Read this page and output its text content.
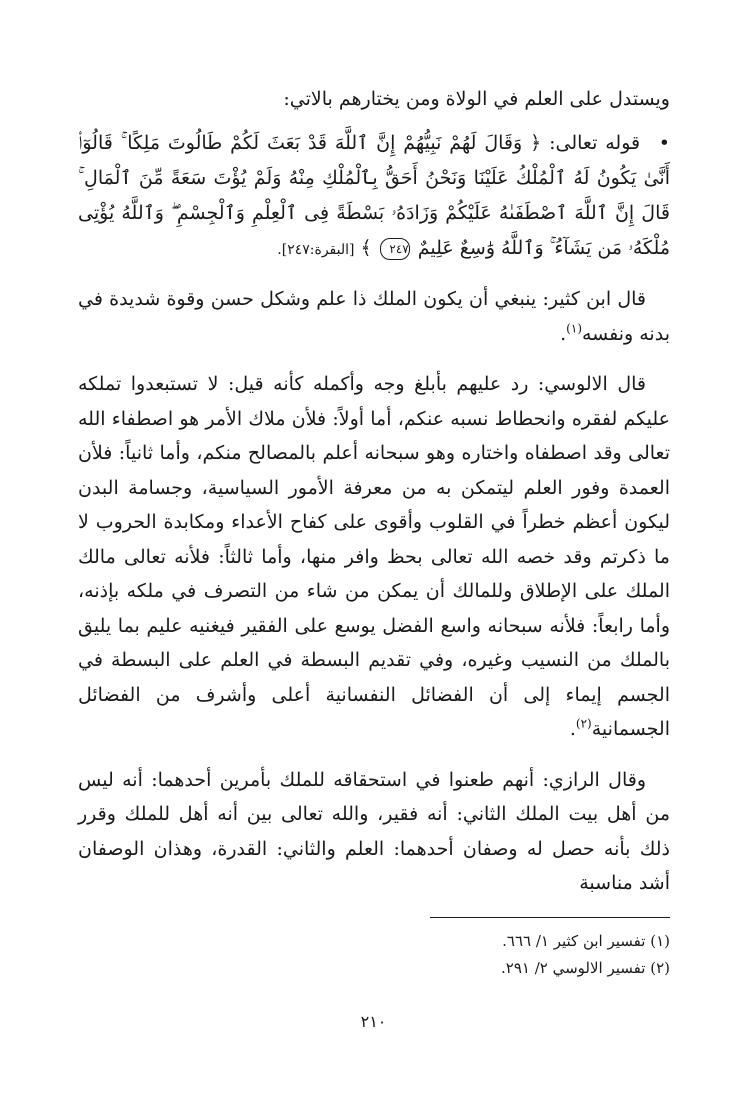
ويستدل على العلم في الولاة ومن يختارهم بالاتي:

• قوله تعالى: ﴿ وَقَالَ لَهُمْ نَبِيُّهُمْ إِنَّ ٱللَّهَ قَدْ بَعَثَ لَكُمْ طَالُوتَ مَلِكًا ۚ قَالُوٓا۟ أَنَّىٰ يَكُونُ لَهُ ٱلْمُلْكُ عَلَيْنَا وَنَحْنُ أَحَقُّ بِٱلْمُلْكِ مِنْهُ وَلَمْ يُؤْتَ سَعَةً مِّنَ ٱلْمَالِ ۚ قَالَ إِنَّ ٱللَّهَ ٱصْطَفَىٰهُ عَلَيْكُمْ وَزَادَهُۥ بَسْطَةً فِى ٱلْعِلْمِ وَٱلْجِسْمِ ۖ وَٱللَّهُ يُؤْتِى مُلْكَهُۥ مَن يَشَآءُ ۚ وَٱللَّهُ وَٰسِعٌ عَلِيمٌ ٢٤٧ ﴾ [البقرة:٢٤٧].

قال ابن كثير: ينبغي أن يكون الملك ذا علم وشكل حسن وقوة شديدة في بدنه ونفسه$^{(١)}$.

قال الالوسي: رد عليهم بأبلغ وجه وأكمله كأنه قيل: لا تستبعدوا تملكه عليكم لفقره وانحطاط نسبه عنكم، أما أولاً: فلأن ملاك الأمر هو اصطفاء الله تعالى وقد اصطفاه واختاره وهو سبحانه أعلم بالمصالح منكم، وأما ثانياً: فلأن العمدة وفور العلم ليتمكن به من معرفة الأمور السياسية، وجسامة البدن ليكون أعظم خطراً في القلوب وأقوى على كفاح الأعداء ومكابدة الحروب لا ما ذكرتم وقد خصه الله تعالى بحظ وافر منها، وأما ثالثاً: فلأنه تعالى مالك الملك على الإطلاق وللمالك أن يمكن من شاء من التصرف في ملكه بإذنه، وأما رابعاً: فلأنه سبحانه واسع الفضل يوسع على الفقير فيغنيه عليم بما يليق بالملك من النسيب وغيره، وفي تقديم البسطة في العلم على البسطة في الجسم إيماء إلى أن الفضائل النفسانية أعلى وأشرف من الفضائل الجسمانية$^{(٢)}$.

وقال الرازي: أنهم طعنوا في استحقاقه للملك بأمرين أحدهما: أنه ليس من أهل بيت الملك الثاني: أنه فقير، والله تعالى بين أنه أهل للملك وقرر ذلك بأنه حصل له وصفان أحدهما: العلم والثاني: القدرة، وهذان الوصفان أشد مناسبة

(١) تفسير ابن كثير ١/ ٦٦٦.
(٢) تفسير الالوسي ٢/ ٢٩١.
٢١٠
